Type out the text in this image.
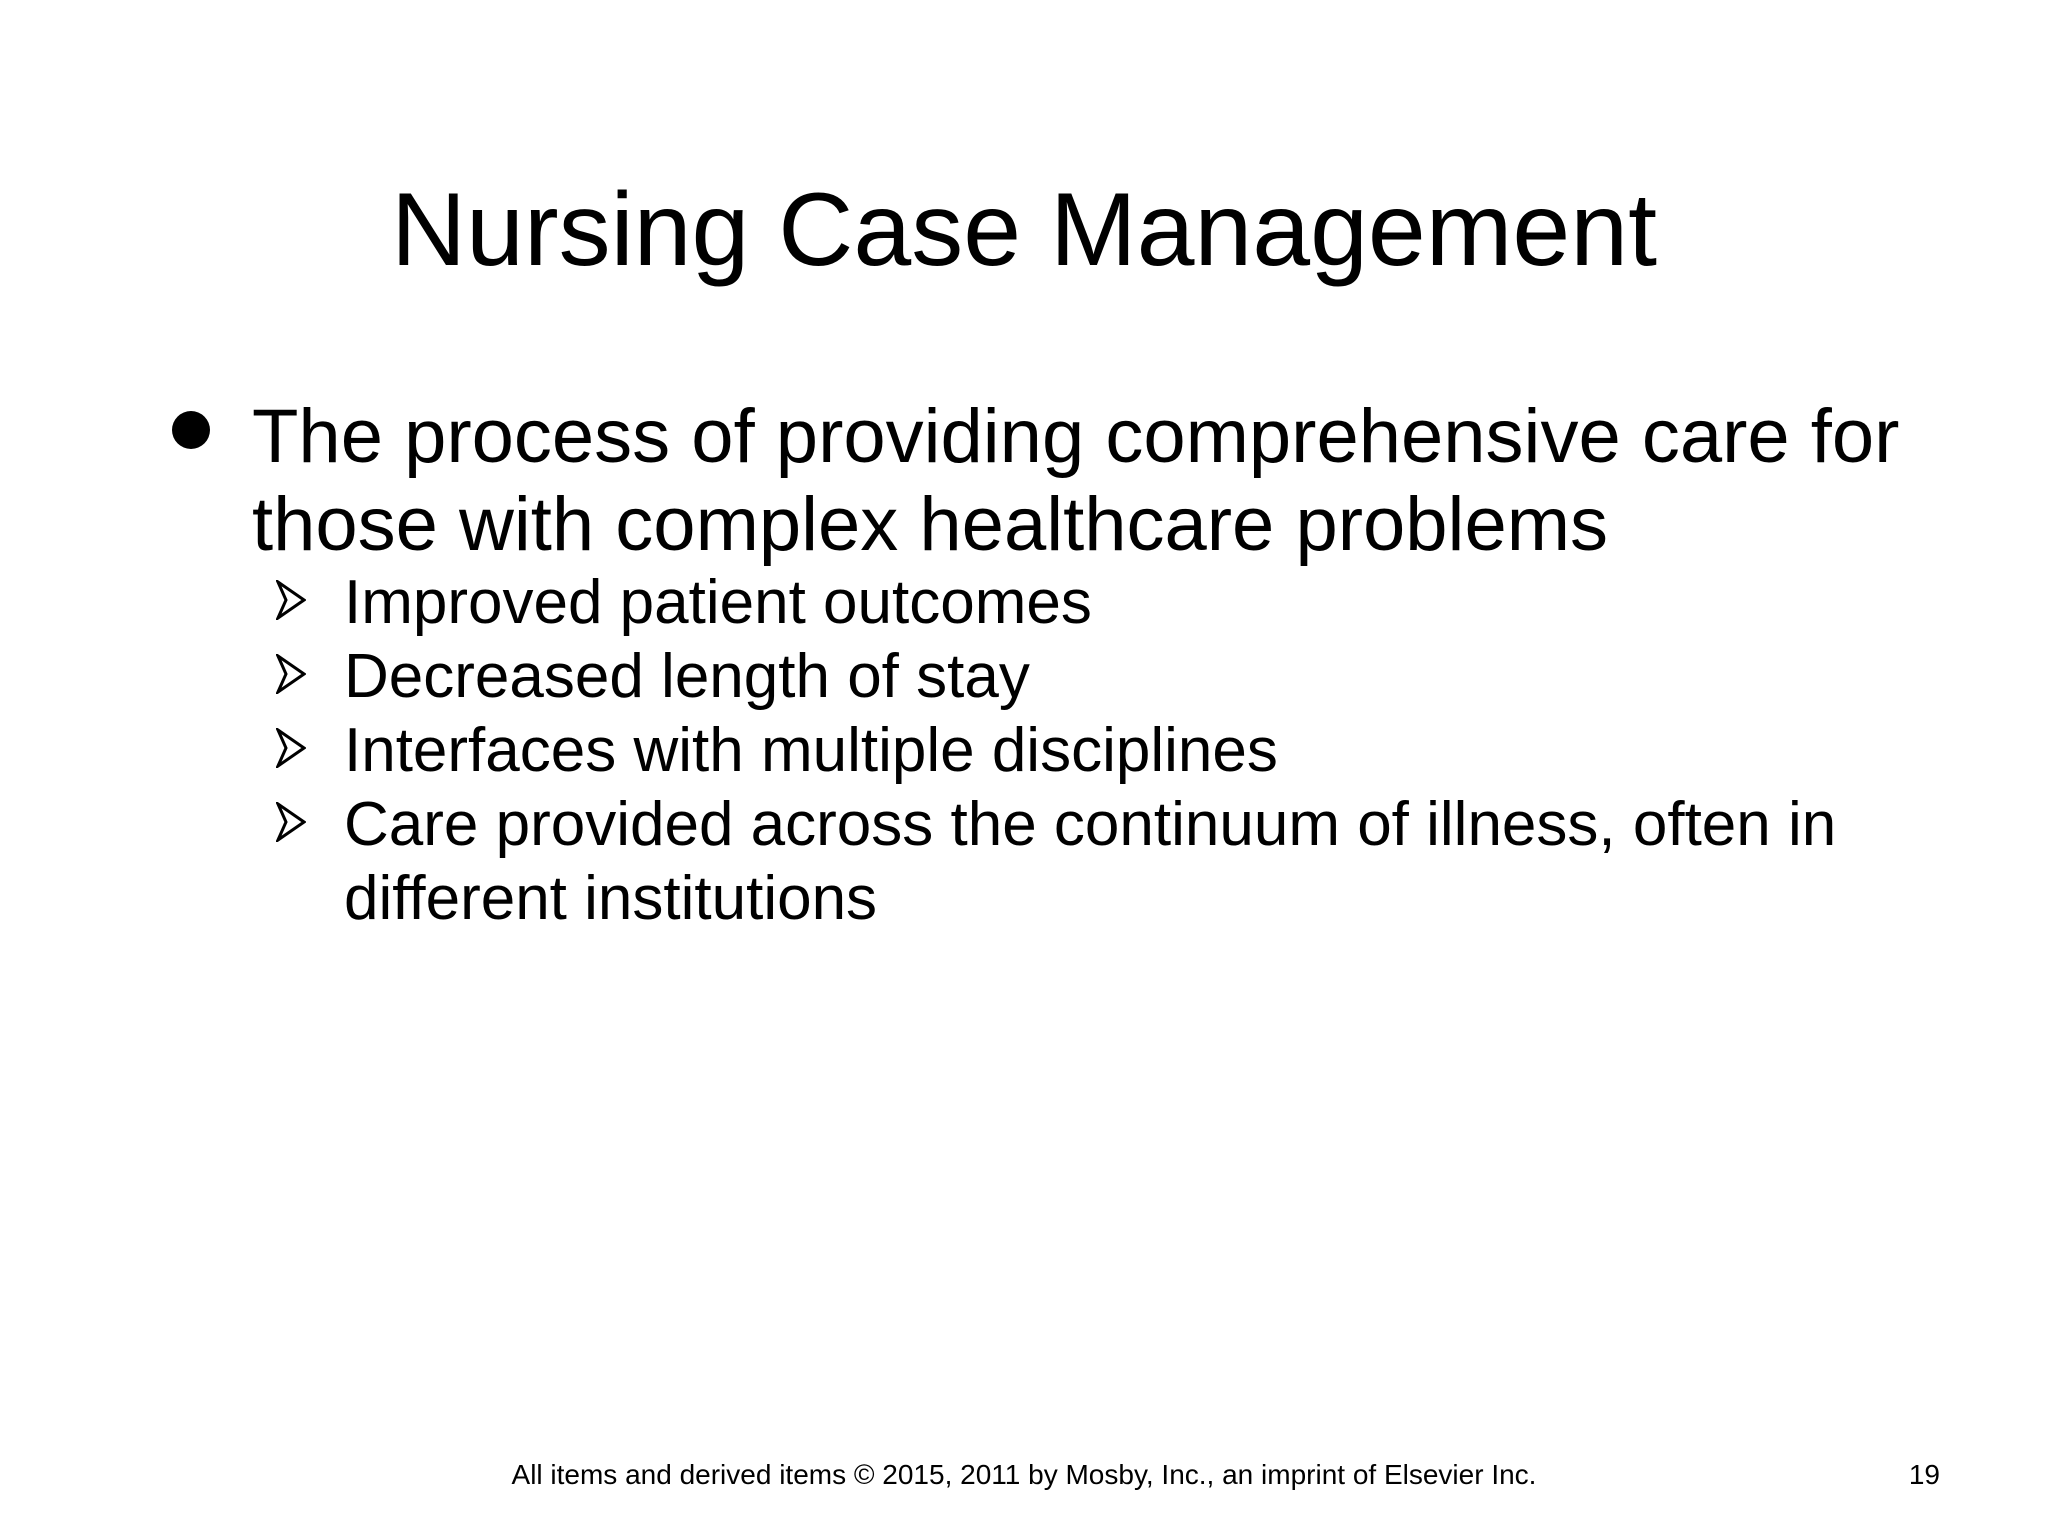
Nursing Case Management
The process of providing comprehensive care for those with complex healthcare problems
Improved patient outcomes
Decreased length of stay
Interfaces with multiple disciplines
Care provided across the continuum of illness, often in different institutions
All items and derived items © 2015, 2011 by Mosby, Inc., an imprint of Elsevier Inc.	19
